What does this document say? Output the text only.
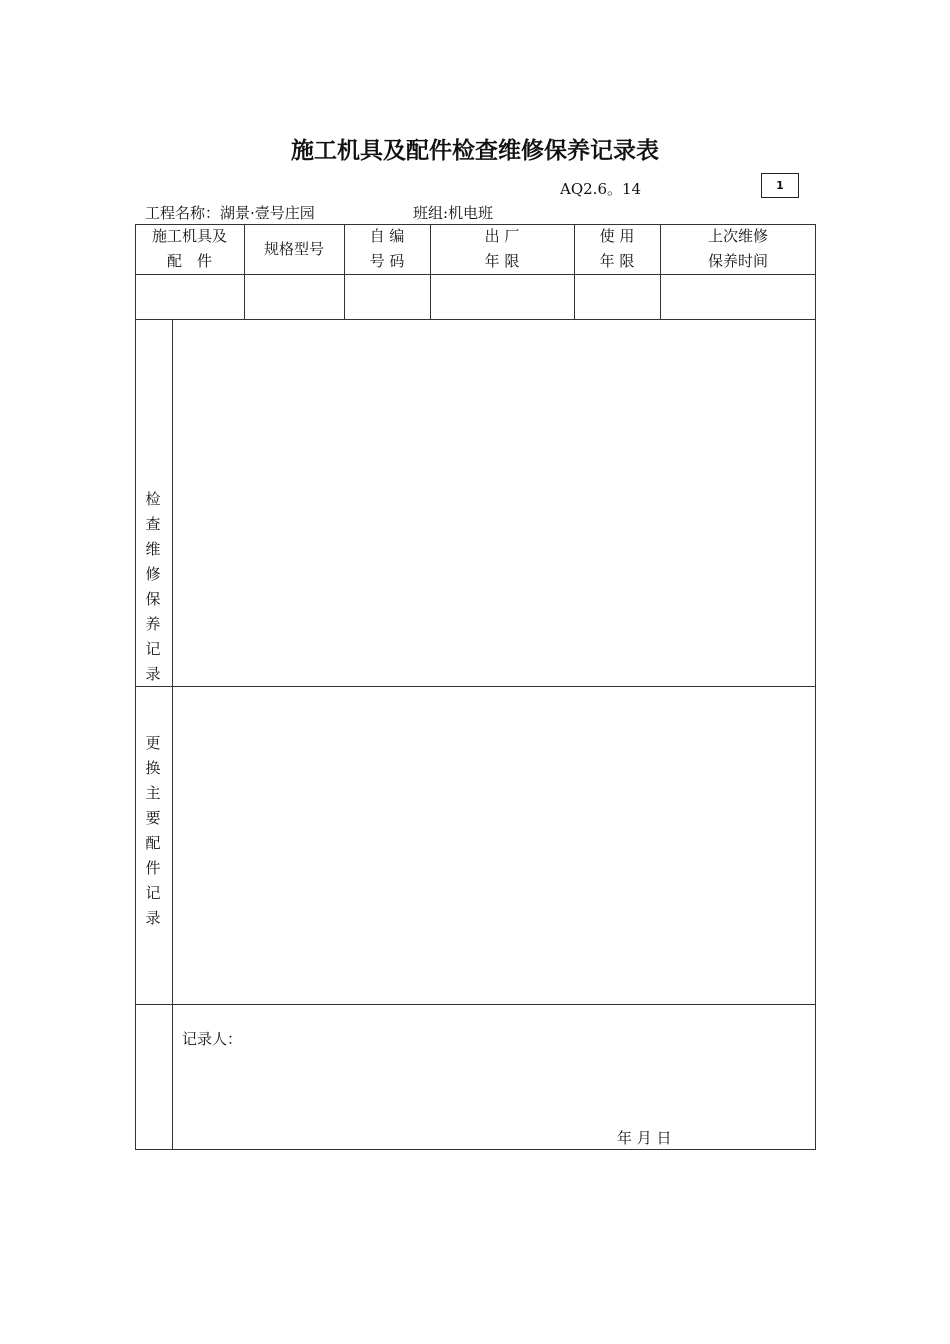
施工机具及配件检查维修保养记录表
AQ2.6。14	1
工程名称：湖景·壹号庄园	班组:机电班
施工机具及
配　件
规格型号
自 编
号 码
出 厂
年 限
使 用
年 限
上次维修
保养时间
检
查
维
修
保
养
记
录
更
换
主
要
配
件
记
录
记录人：
年 月 日
